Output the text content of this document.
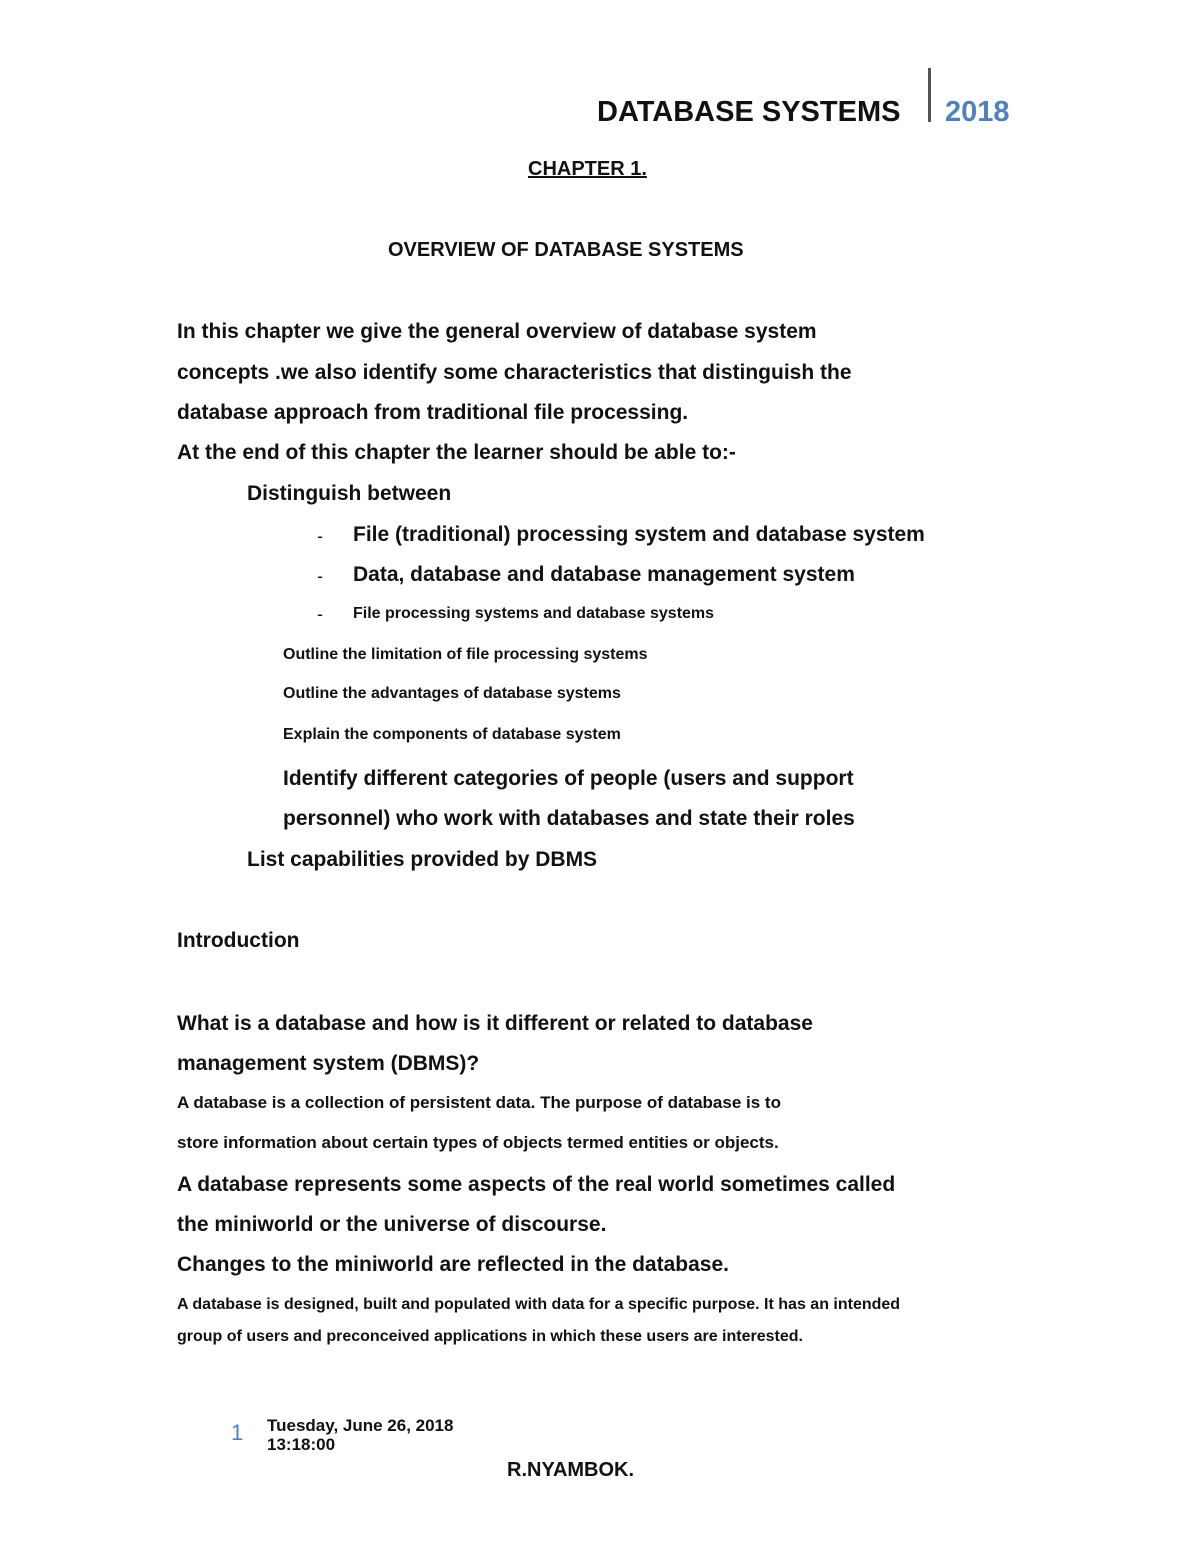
DATABASE SYSTEMS 2018
CHAPTER 1.
OVERVIEW OF DATABASE SYSTEMS
In this chapter we give the general overview of database system
concepts .we also identify some characteristics that distinguish the
database approach from traditional file processing.
At the end of this chapter the learner should be able to:-
Distinguish between
- File (traditional) processing system and database system
- Data, database and database management system
- File processing systems and database systems
Outline the limitation of file processing systems
Outline the advantages of database systems
Explain the components of database system
Identify different categories of people (users and support
personnel) who work with databases and state their roles
List capabilities provided by DBMS
Introduction
What is a database and how is it different or related to database
management system (DBMS)?
A database is a collection of persistent data. The purpose of database is to
store information about certain types of objects termed entities or objects.
A database represents some aspects of the real world sometimes called
the miniworld or the universe of discourse.
Changes to the miniworld are reflected in the database.
A database is designed, built and populated with data for a specific purpose. It has an intended
group of users and preconceived applications in which these users are interested.
1 Tuesday, June 26, 2018
13:18:00
R.NYAMBOK.
